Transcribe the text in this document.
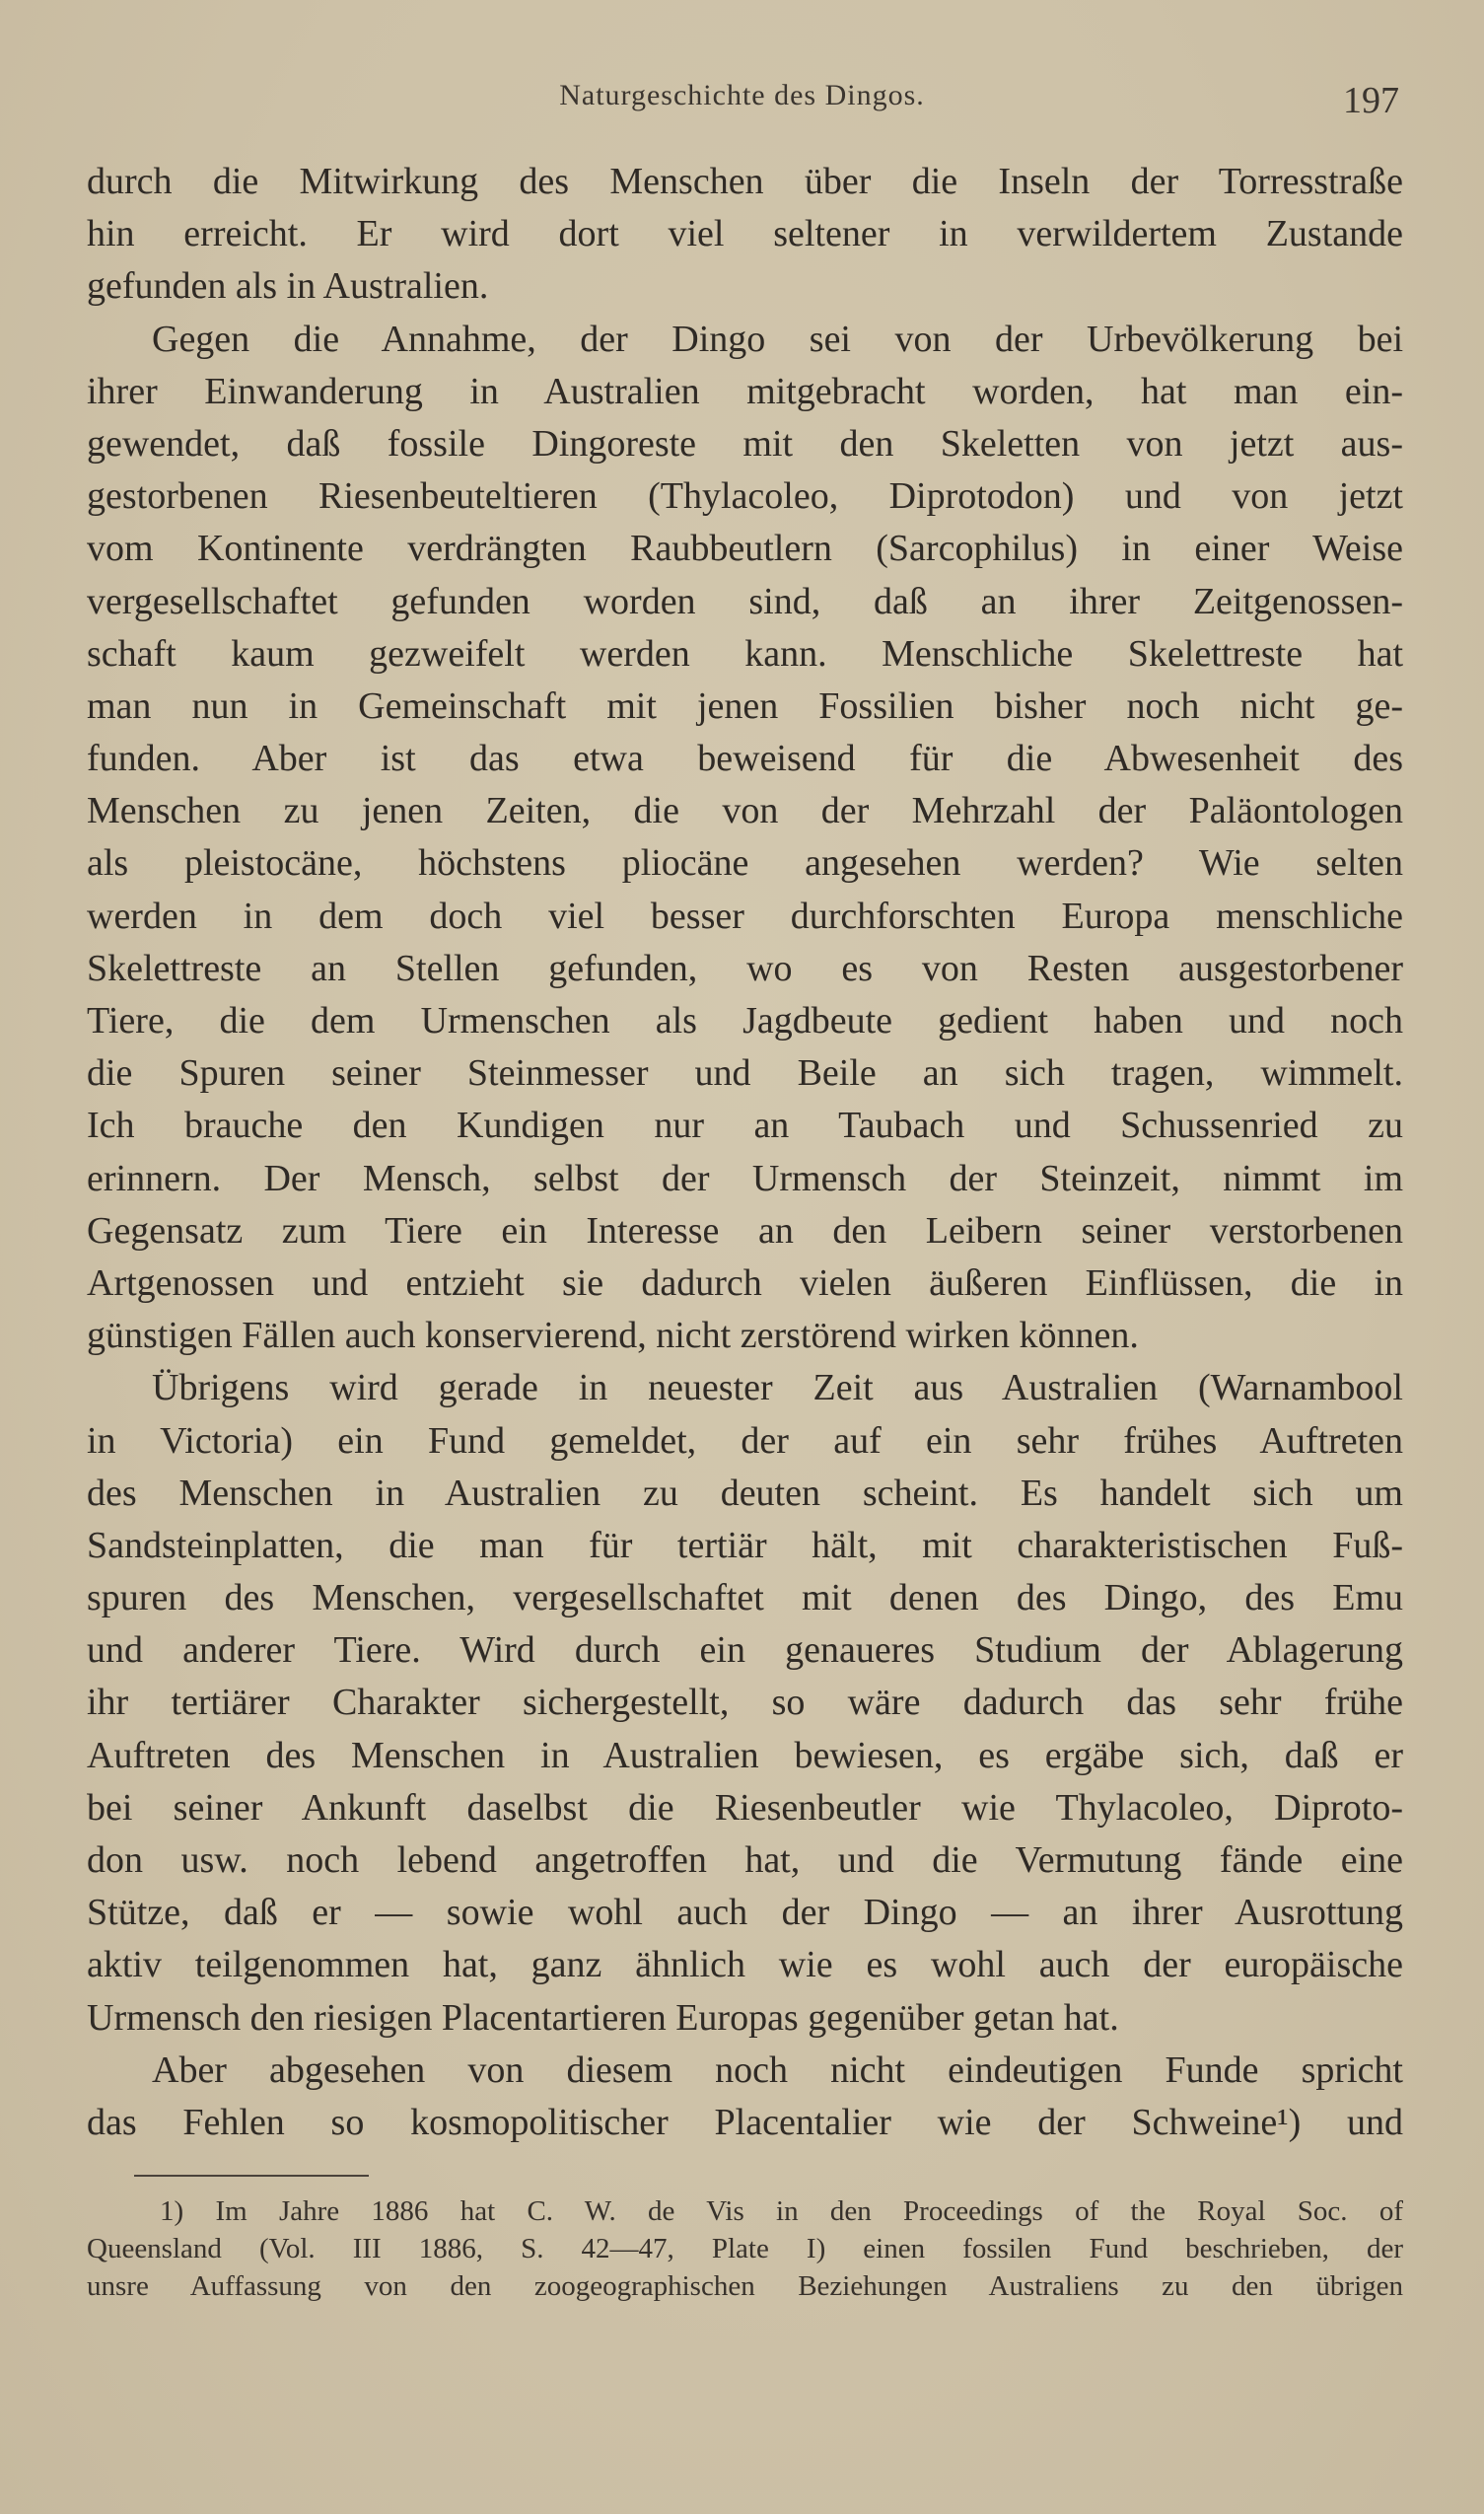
Naturgeschichte des Dingos.	197
durch die Mitwirkung des Menschen über die Inseln der Torresstraße
hin erreicht. Er wird dort viel seltener in verwildertem Zustande
gefunden als in Australien.
Gegen die Annahme, der Dingo sei von der Urbevölkerung bei
ihrer Einwanderung in Australien mitgebracht worden, hat man ein-
gewendet, daß fossile Dingoreste mit den Skeletten von jetzt aus-
gestorbenen Riesenbeuteltieren (Thylacoleo, Diprotodon) und von jetzt
vom Kontinente verdrängten Raubbeutlern (Sarcophilus) in einer Weise
vergesellschaftet gefunden worden sind, daß an ihrer Zeitgenossen-
schaft kaum gezweifelt werden kann. Menschliche Skelettreste hat
man nun in Gemeinschaft mit jenen Fossilien bisher noch nicht ge-
funden. Aber ist das etwa beweisend für die Abwesenheit des
Menschen zu jenen Zeiten, die von der Mehrzahl der Paläontologen
als pleistocäne, höchstens pliocäne angesehen werden? Wie selten
werden in dem doch viel besser durchforschten Europa menschliche
Skelettreste an Stellen gefunden, wo es von Resten ausgestorbener
Tiere, die dem Urmenschen als Jagdbeute gedient haben und noch
die Spuren seiner Steinmesser und Beile an sich tragen, wimmelt.
Ich brauche den Kundigen nur an Taubach und Schussenried zu
erinnern. Der Mensch, selbst der Urmensch der Steinzeit, nimmt im
Gegensatz zum Tiere ein Interesse an den Leibern seiner verstorbenen
Artgenossen und entzieht sie dadurch vielen äußeren Einflüssen, die in
günstigen Fällen auch konservierend, nicht zerstörend wirken können.
Übrigens wird gerade in neuester Zeit aus Australien (Warnambool
in Victoria) ein Fund gemeldet, der auf ein sehr frühes Auftreten
des Menschen in Australien zu deuten scheint. Es handelt sich um
Sandsteinplatten, die man für tertiär hält, mit charakteristischen Fuß-
spuren des Menschen, vergesellschaftet mit denen des Dingo, des Emu
und anderer Tiere. Wird durch ein genaueres Studium der Ablagerung
ihr tertiärer Charakter sichergestellt, so wäre dadurch das sehr frühe
Auftreten des Menschen in Australien bewiesen, es ergäbe sich, daß er
bei seiner Ankunft daselbst die Riesenbeutler wie Thylacoleo, Diproto-
don usw. noch lebend angetroffen hat, und die Vermutung fände eine
Stütze, daß er — sowie wohl auch der Dingo — an ihrer Ausrottung
aktiv teilgenommen hat, ganz ähnlich wie es wohl auch der europäische
Urmensch den riesigen Placentartieren Europas gegenüber getan hat.
Aber abgesehen von diesem noch nicht eindeutigen Funde spricht
das Fehlen so kosmopolitischer Placentalier wie der Schweine¹) und
1) Im Jahre 1886 hat C. W. de Vis in den Proceedings of the Royal Soc. of
Queensland (Vol. III 1886, S. 42—47, Plate I) einen fossilen Fund beschrieben, der
unsre Auffassung von den zoogeographischen Beziehungen Australiens zu den übrigen
